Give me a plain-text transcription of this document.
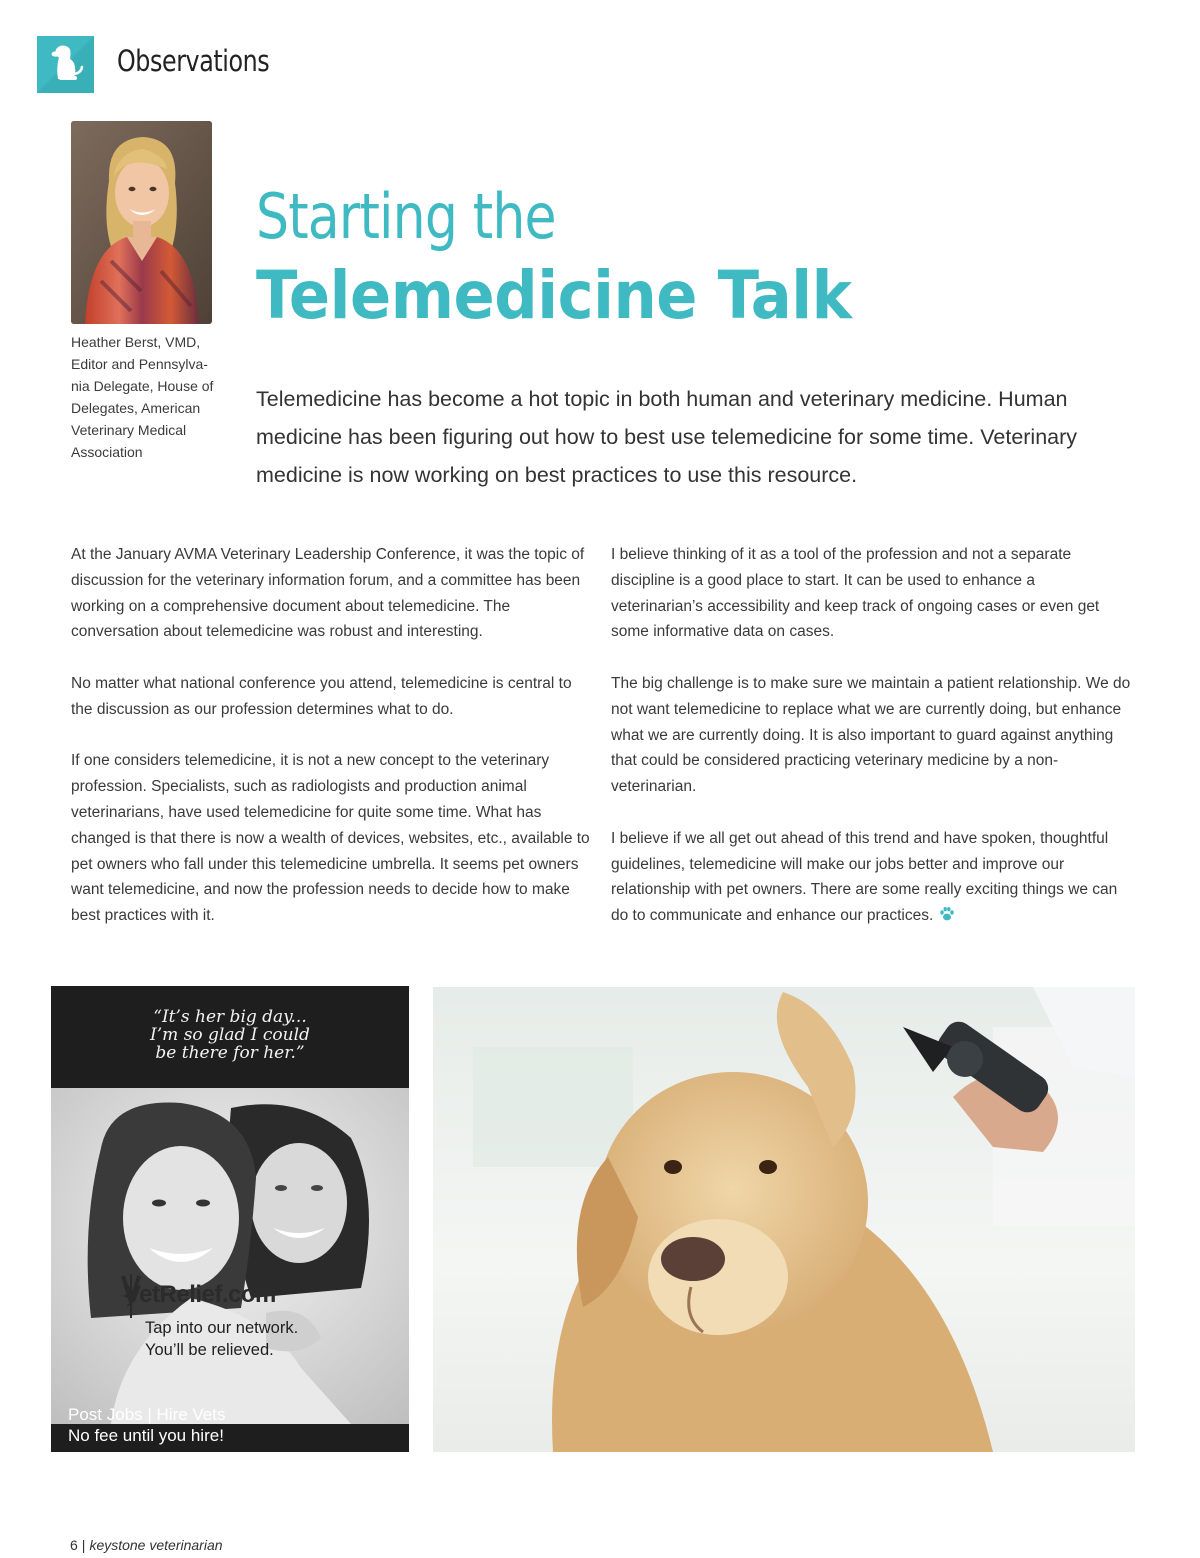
Observations
Heather Berst, VMD,
Editor and Pennsylva-
nia Delegate, House of
Delegates, American
Veterinary Medical
Association
Starting the
Telemedicine Talk
Telemedicine has become a hot topic in both human and veterinary medicine. Human medicine has been figuring out how to best use telemedicine for some time. Veterinary medicine is now working on best practices to use this resource.

At the January AVMA Veterinary Leadership Conference, it was the topic of discussion for the veterinary information forum, and a committee has been working on a comprehensive document about telemedicine. The conversation about telemedicine was robust and interesting.

No matter what national conference you attend, telemedicine is central to the discussion as our profession determines what to do.

If one considers telemedicine, it is not a new concept to the veterinary profession. Specialists, such as radiologists and production animal veterinarians, have used telemedicine for quite some time. What has changed is that there is now a wealth of devices, websites, etc., available to pet owners who fall under this telemedicine umbrella. It seems pet owners want telemedicine, and now the profession needs to decide how to make best practices with it.

I believe thinking of it as a tool of the profession and not a separate discipline is a good place to start. It can be used to enhance a veterinarian’s accessibility and keep track of ongoing cases or even get some informative data on cases.

The big challenge is to make sure we maintain a patient relationship. We do not want telemedicine to replace what we are currently doing, but enhance what we are currently doing. It is also important to guard against anything that could be considered practicing veterinary medicine by a non-veterinarian.

I believe if we all get out ahead of this trend and have spoken, thoughtful guidelines, telemedicine will make our jobs better and improve our relationship with pet owners. There are some really exciting things we can do to communicate and enhance our practices.

“It’s her big day...
I’m so glad I could
be there for her.”
VetRelief.com
Tap into our network.
You’ll be relieved.
Post Jobs | Hire Vets
No fee until you hire!
6 | keystone veterinarian
